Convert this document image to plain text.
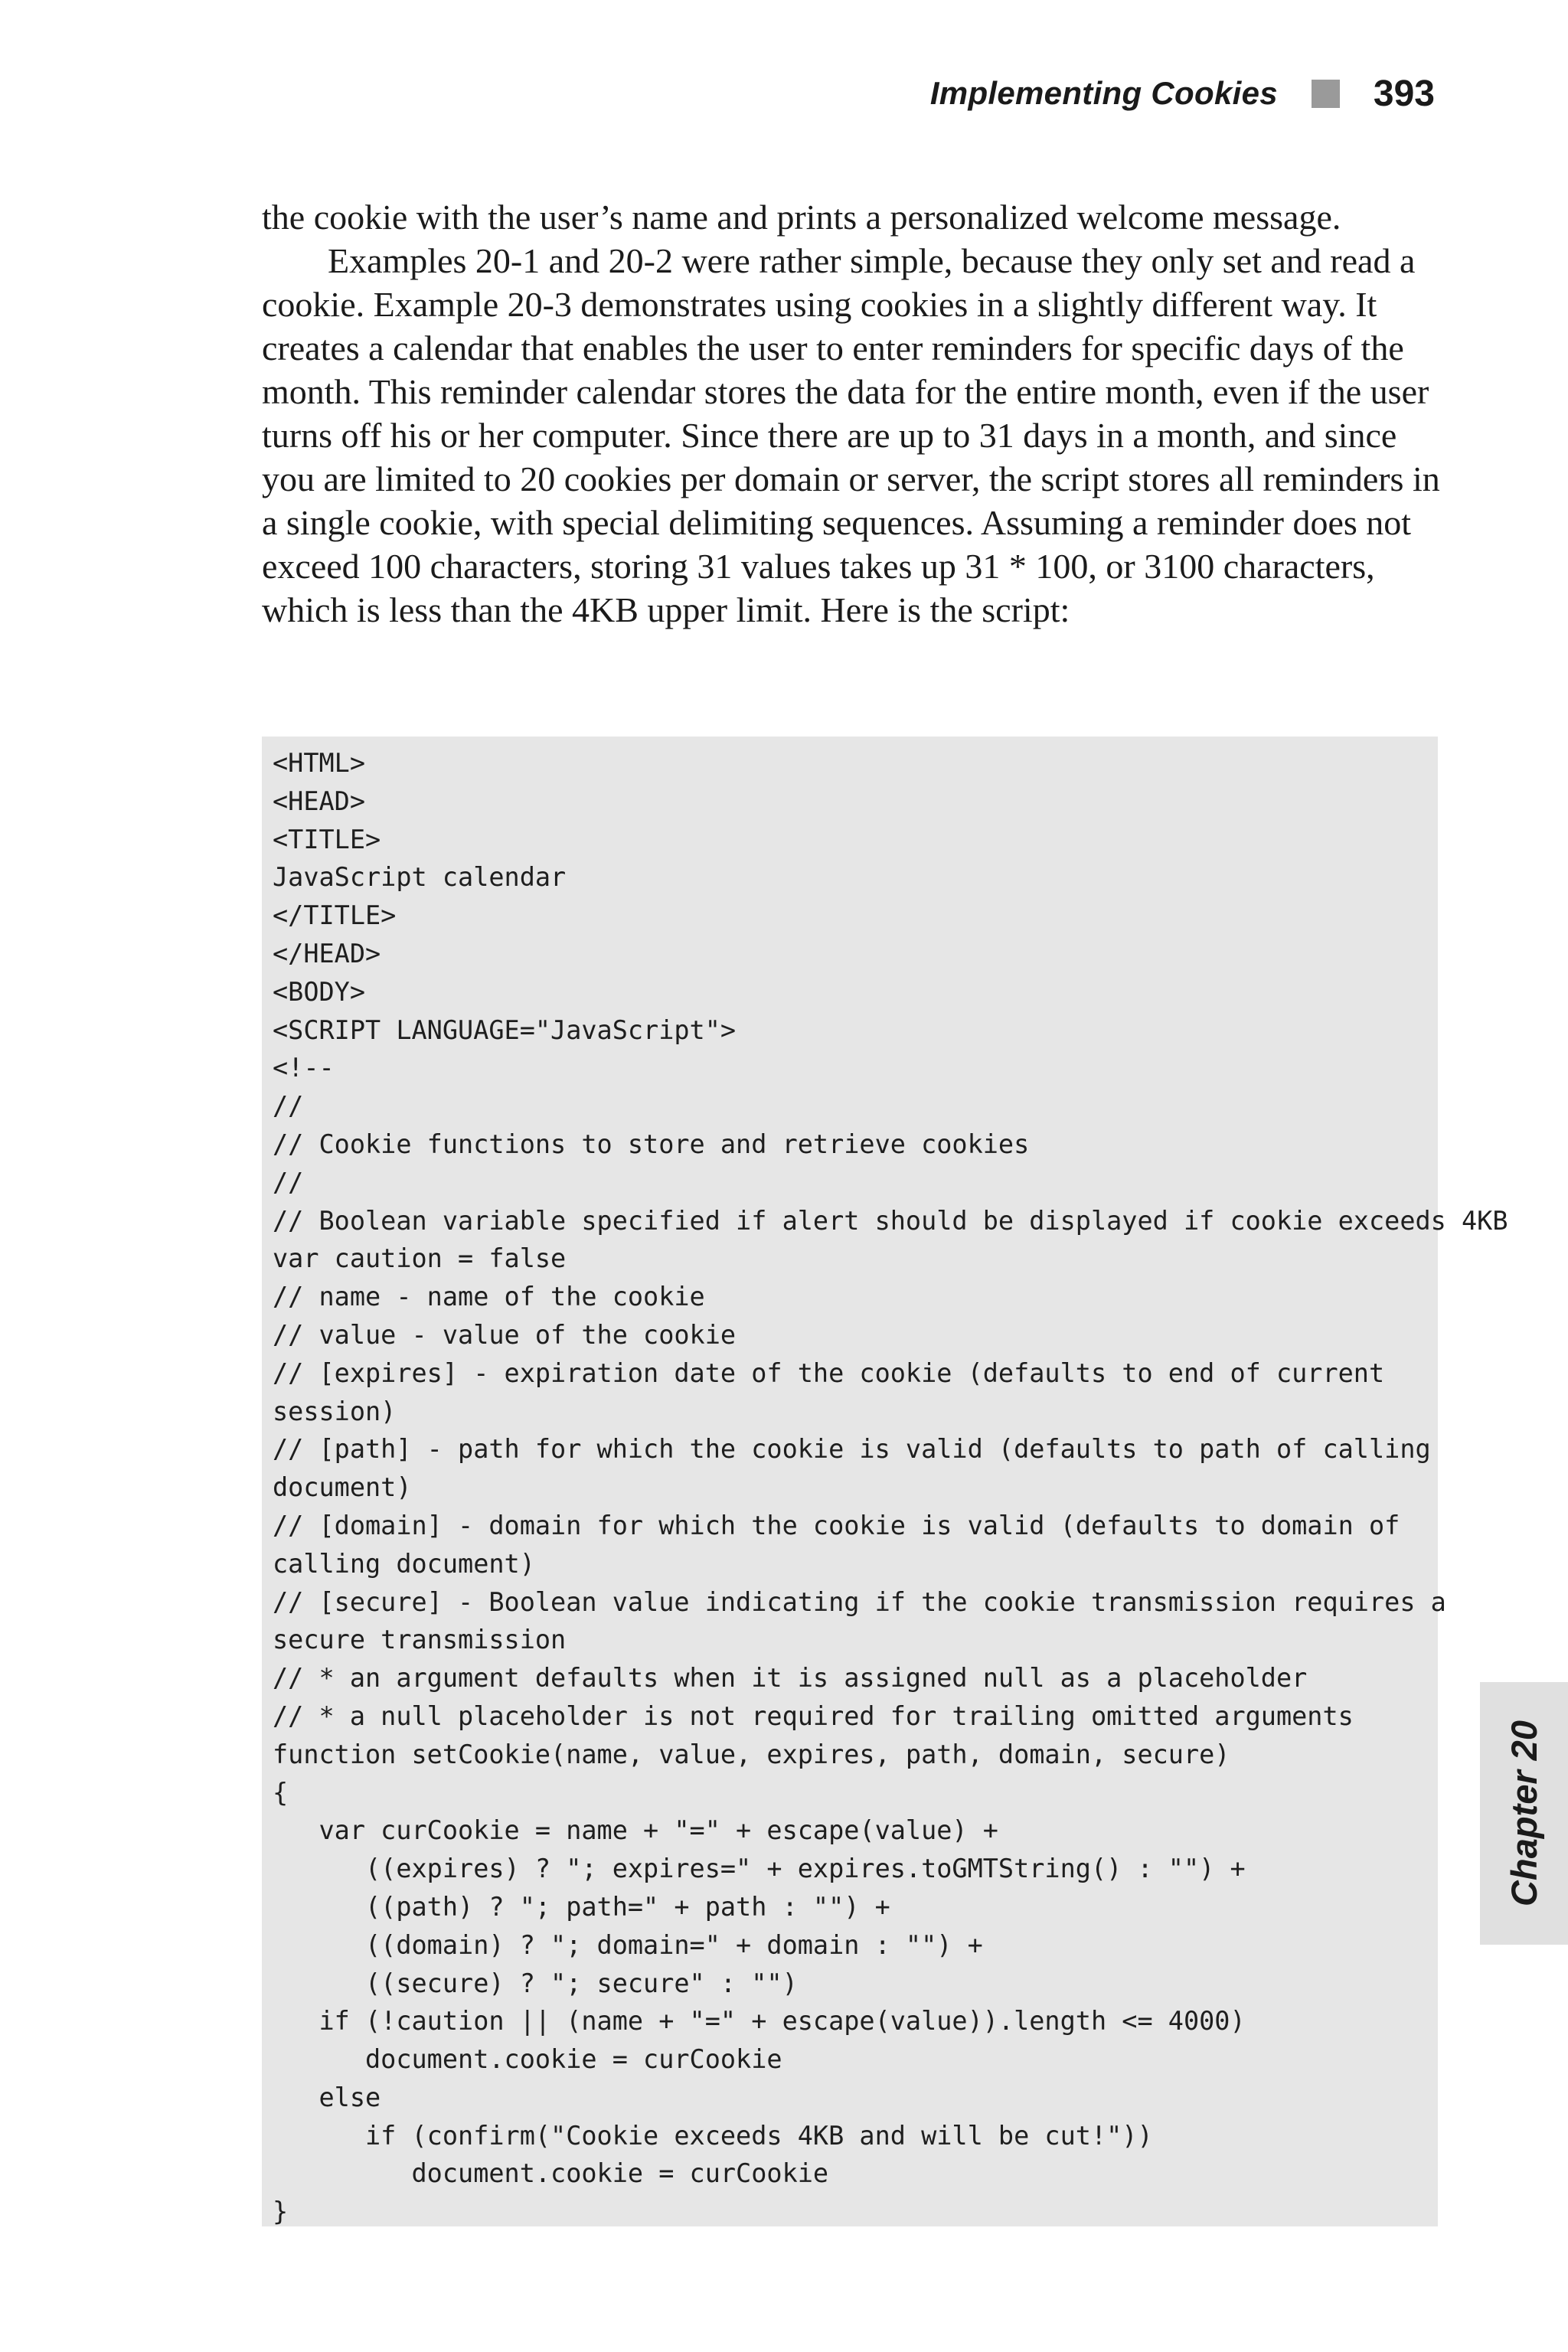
Implementing Cookies	393

the cookie with the user’s name and prints a personalized welcome message.

Examples 20-1 and 20-2 were rather simple, because they only set and read a cookie. Example 20-3 demonstrates using cookies in a slightly different way. It creates a calendar that enables the user to enter reminders for specific days of the month. This reminder calendar stores the data for the entire month, even if the user turns off his or her computer. Since there are up to 31 days in a month, and since you are limited to 20 cookies per domain or server, the script stores all reminders in a single cookie, with special delimiting sequences. Assuming a reminder does not exceed 100 characters, storing 31 values takes up 31 * 100, or 3100 characters, which is less than the 4KB upper limit. Here is the script:

<HTML>
<HEAD>
<TITLE>
JavaScript calendar
</TITLE>
</HEAD>
<BODY>
<SCRIPT LANGUAGE="JavaScript">
<!--
//
// Cookie functions to store and retrieve cookies
//
// Boolean variable specified if alert should be displayed if cookie exceeds 4KB
var caution = false
// name - name of the cookie
// value - value of the cookie
// [expires] - expiration date of the cookie (defaults to end of current
session)
// [path] - path for which the cookie is valid (defaults to path of calling
document)
// [domain] - domain for which the cookie is valid (defaults to domain of
calling document)
// [secure] - Boolean value indicating if the cookie transmission requires a
secure transmission
// * an argument defaults when it is assigned null as a placeholder
// * a null placeholder is not required for trailing omitted arguments
function setCookie(name, value, expires, path, domain, secure)
{
var curCookie = name + "=" + escape(value) +
((expires) ? "; expires=" + expires.toGMTString() : "") +
((path) ? "; path=" + path : "") +
((domain) ? "; domain=" + domain : "") +
((secure) ? "; secure" : "")
if (!caution || (name + "=" + escape(value)).length <= 4000)
document.cookie = curCookie
else
if (confirm("Cookie exceeds 4KB and will be cut!"))
document.cookie = curCookie
}
Chapter 20
